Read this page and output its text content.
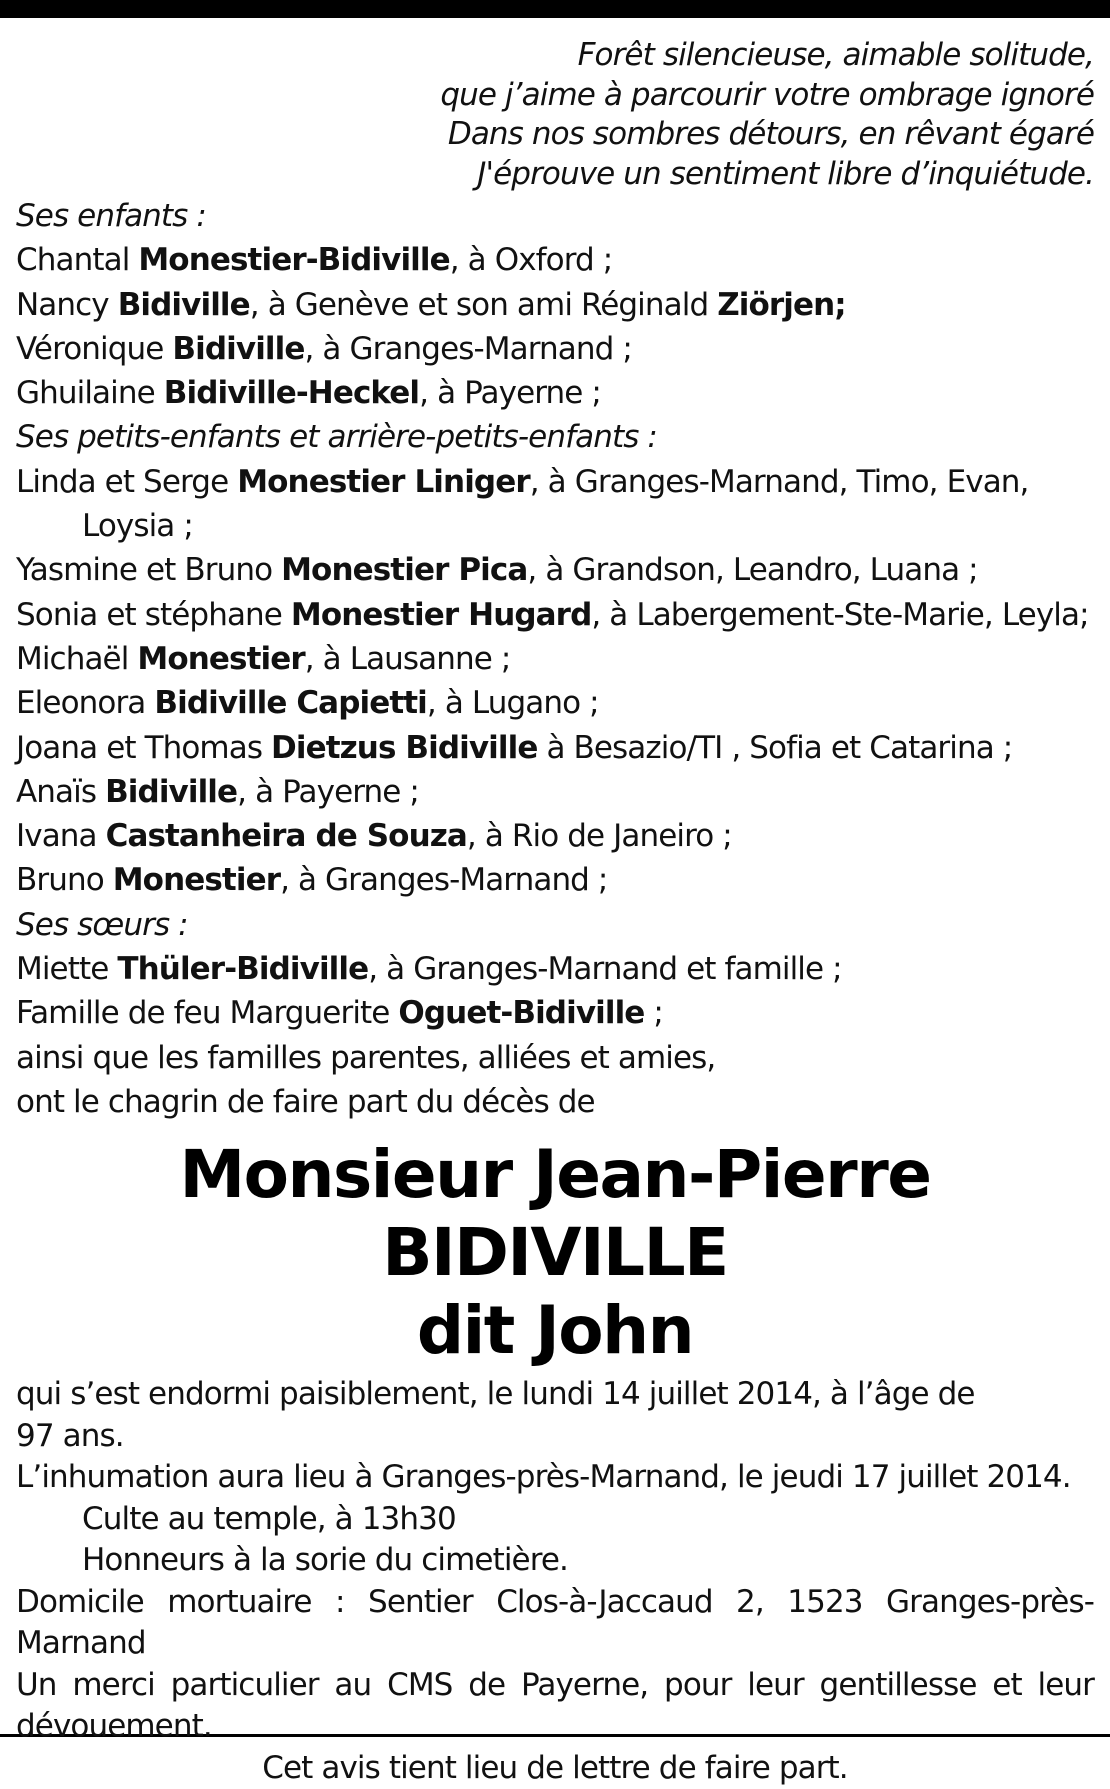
Forêt silencieuse, aimable solitude,
que j’aime à parcourir votre ombrage ignoré
Dans nos sombres détours, en rêvant égaré
J'éprouve un sentiment libre d’inquiétude.
Ses enfants :
Chantal Monestier-Bidiville, à Oxford ;
Nancy Bidiville, à Genève et son ami Réginald Ziörjen;
Véronique Bidiville, à Granges-Marnand ;
Ghuilaine Bidiville-Heckel, à Payerne ;
Ses petits-enfants et arrière-petits-enfants :
Linda et Serge Monestier Liniger, à Granges-Marnand, Timo, Evan,
Loysia ;
Yasmine et Bruno Monestier Pica, à Grandson, Leandro, Luana ;
Sonia et stéphane Monestier Hugard, à Labergement-Ste-Marie, Leyla;
Michaël Monestier, à Lausanne ;
Eleonora Bidiville Capietti, à Lugano ;
Joana et Thomas Dietzus Bidiville à Besazio/TI , Sofia et Catarina ;
Anaïs Bidiville, à Payerne ;
Ivana Castanheira de Souza, à Rio de Janeiro ;
Bruno Monestier, à Granges-Marnand ;
Ses sœurs :
Miette Thüler-Bidiville, à Granges-Marnand et famille ;
Famille de feu Marguerite Oguet-Bidiville ;
ainsi que les familles parentes, alliées et amies,
ont le chagrin de faire part du décès de
Monsieur Jean-Pierre BIDIVILLE
dit John
qui s’est endormi paisiblement, le lundi 14 juillet 2014, à l’âge de
97 ans.
L’inhumation aura lieu à Granges-près-Marnand, le jeudi 17 juillet 2014.
Culte au temple, à 13h30
Honneurs à la sorie du cimetière.
Domicile mortuaire : Sentier Clos-à-Jaccaud 2, 1523 Granges-près-
Marnand
Un merci particulier au CMS de Payerne, pour leur gentillesse et leur
dévouement.
Cet avis tient lieu de lettre de faire part.
